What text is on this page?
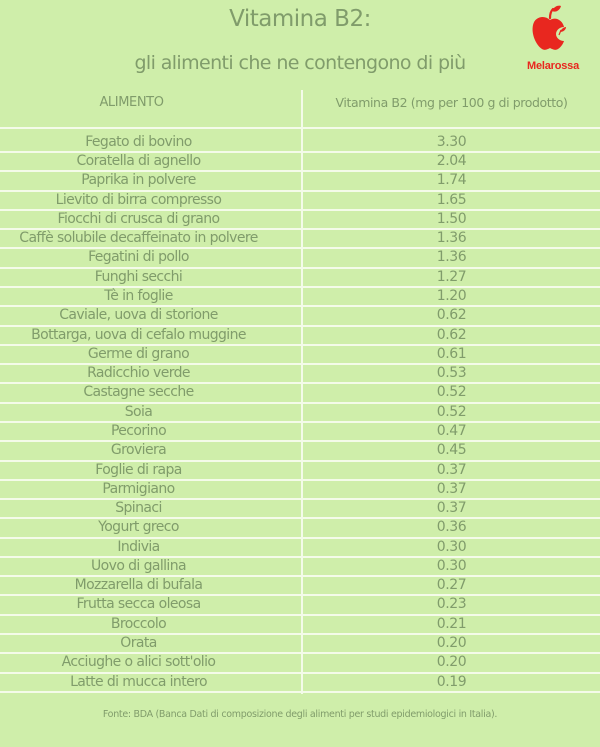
Vitamina B2:
gli alimenti che ne contengono di più	Melarossa
ALIMENTO	Vitamina B2 (mg per 100 g di prodotto)
Fegato di bovino	3.30
Coratella di agnello	2.04
Paprika in polvere	1.74
Lievito di birra compresso	1.65
Fiocchi di crusca di grano	1.50
Caffè solubile decaffeinato in polvere	1.36
Fegatini di pollo	1.36
Funghi secchi	1.27
Tè in foglie	1.20
Caviale, uova di storione	0.62
Bottarga, uova di cefalo muggine	0.62
Germe di grano	0.61
Radicchio verde	0.53
Castagne secche	0.52
Soia	0.52
Pecorino	0.47
Groviera	0.45
Foglie di rapa	0.37
Parmigiano	0.37
Spinaci	0.37
Yogurt greco	0.36
Indivia	0.30
Uovo di gallina	0.30
Mozzarella di bufala	0.27
Frutta secca oleosa	0.23
Broccolo	0.21
Orata	0.20
Acciughe o alici sott'olio	0.20
Latte di mucca intero	0.19
Fonte: BDA (Banca Dati di composizione degli alimenti per studi epidemiologici in Italia).
